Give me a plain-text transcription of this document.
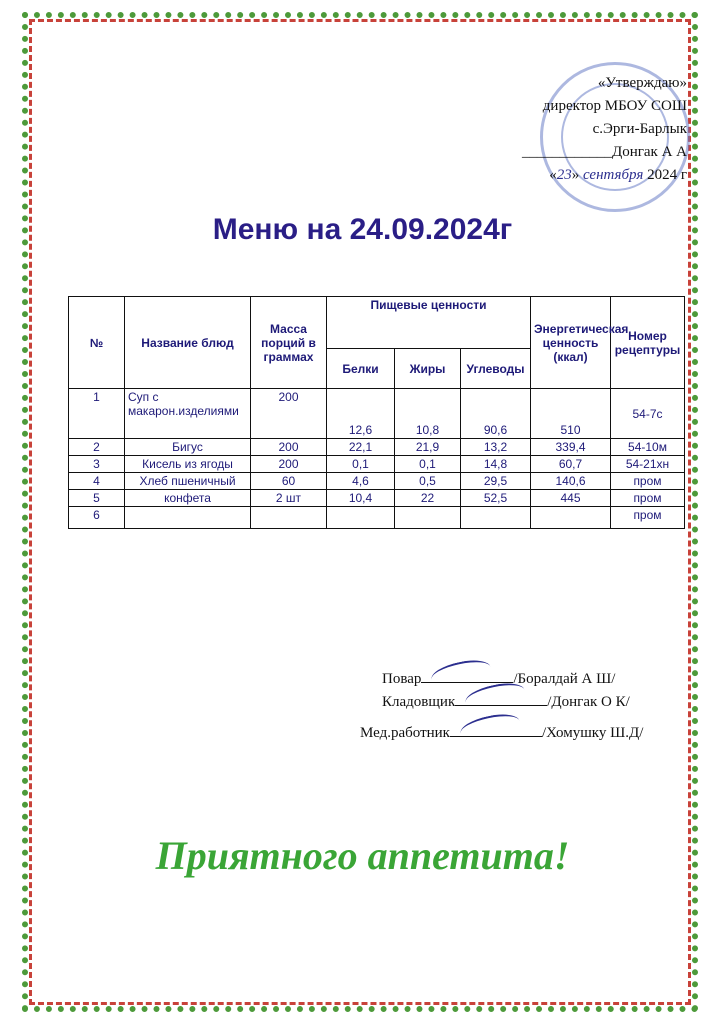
«Утверждаю»
директор МБОУ СОШ
с.Эрги-Барлык
____________Донгак А А
«23» сентября 2024 г
Меню на 24.09.2024г
№	Название блюд	Масса порций в граммах	Пищевые ценности			Энергетическая ценность (ккал)	Номер рецептуры
			Белки	Жиры	Углеводы		
1	Суп с макарон.изделиями	200	12,6	10,8	90,6	510	54-7с
2	Бигус	200	22,1	21,9	13,2	339,4	54-10м
3	Кисель из ягоды	200	0,1	0,1	14,8	60,7	54-21хн
4	Хлеб пшеничный	60	4,6	0,5	29,5	140,6	пром
5	конфета	2 шт	10,4	22	52,5	445	пром
6							пром
Повар	/Боралдай А Ш/
Кладовщик	/Донгак О К/
Мед.работник	/Хомушку Ш.Д/
Приятного аппетита!
